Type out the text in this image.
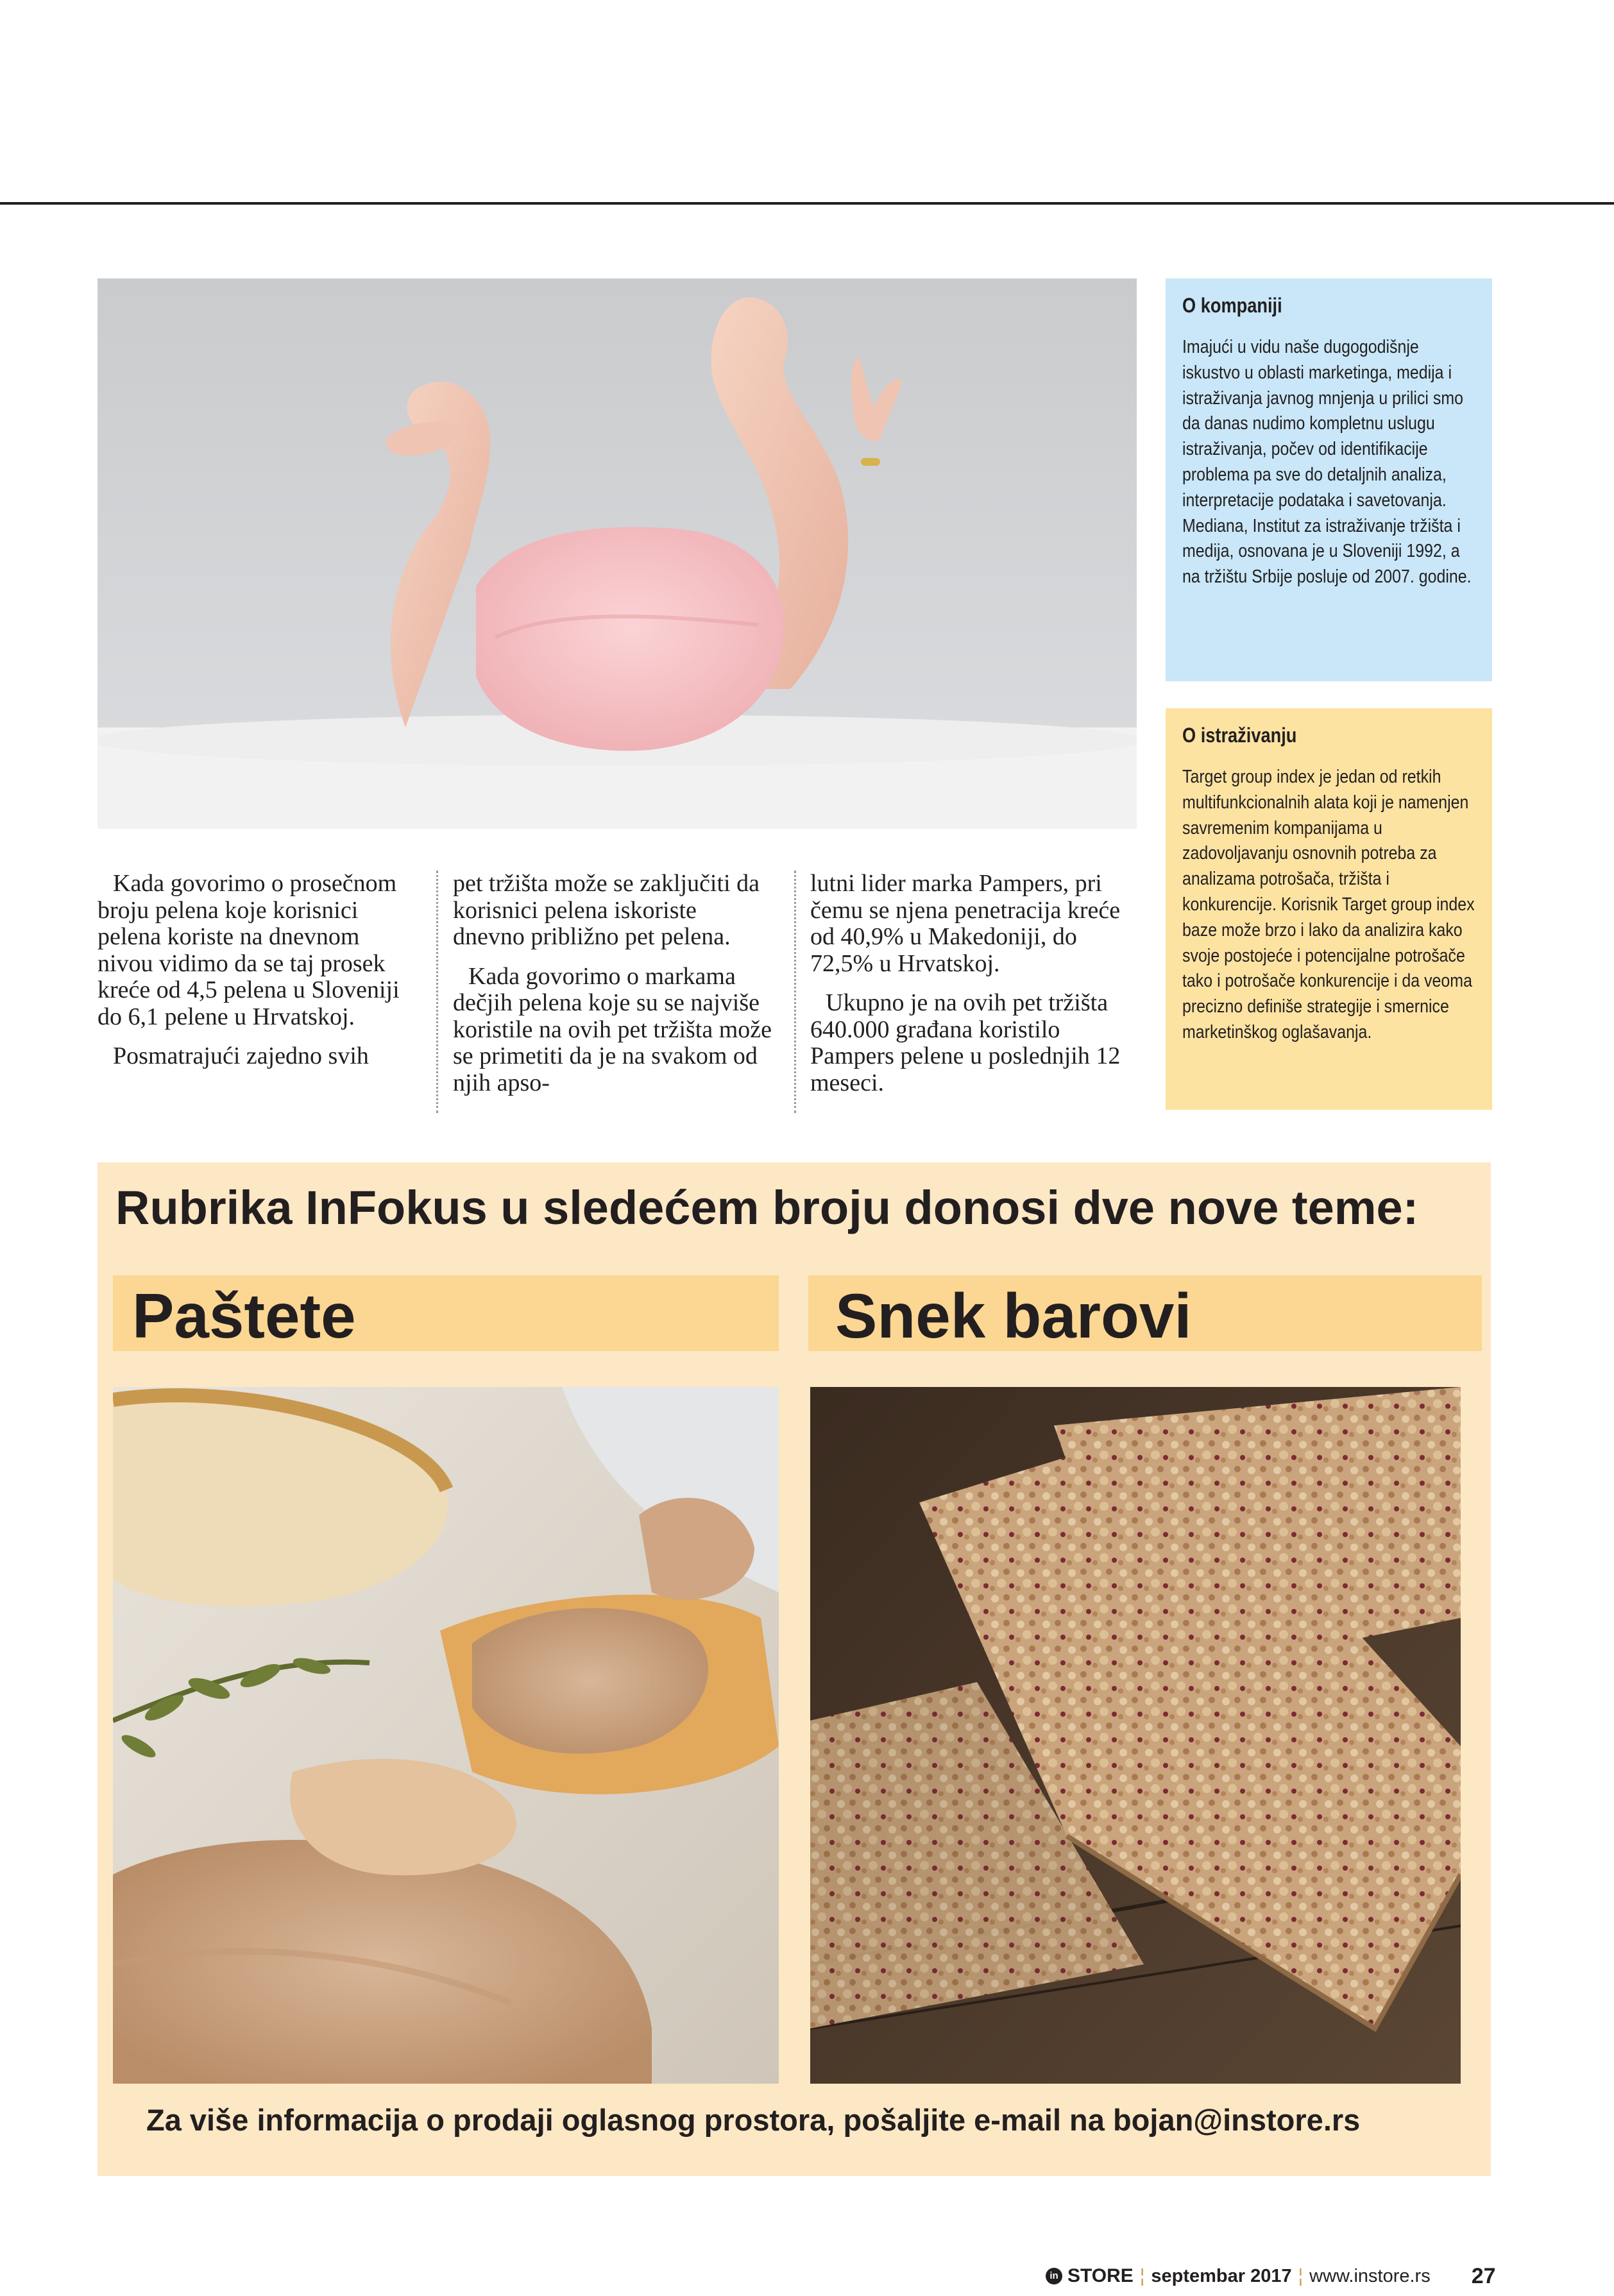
O kompaniji

Imajući u vidu naše dugogodišnje iskustvo u oblasti marketinga, medija i istraživanja javnog mnjenja u prilici smo da danas nudimo kompletnu uslugu istraživanja, počev od identifikacije problema pa sve do detaljnih analiza, interpretacije podataka i savetovanja. Mediana, Institut za istraživanje tržišta i medija, osnovana je u Sloveniji 1992, a na tržištu Srbije posluje od 2007. godine.

O istraživanju

Target group index je jedan od retkih multifunkcionalnih alata koji je namenjen savremenim kompanijama u zadovoljavanju osnovnih potreba za analizama potrošača, tržišta i konkurencije. Korisnik Target group index baze može brzo i lako da analizira kako svoje postojeće i potencijalne potrošače tako i potrošače konkurencije i da veoma precizno definiše strategije i smernice marketinškog oglašavanja.

Kada govorimo o prosečnom broju pelena koje korisnici pelena koriste na dnevnom nivou vidimo da se taj prosek kreće od 4,5 pelena u Sloveniji do 6,1 pelene u Hrvatskoj.

Posmatrajući zajedno svih

pet tržišta može se zaključiti da korisnici pelena iskoriste dnevno približno pet pelena.

Kada govorimo o markama dečjih pelena koje su se najviše koristile na ovih pet tržišta može se primetiti da je na svakom od njih apso-

lutni lider marka Pampers, pri čemu se njena penetracija kreće od 40,9% u Makedoniji, do 72,5% u Hrvatskoj.

Ukupno je na ovih pet tržišta 640.000 građana koristilo Pampers pelene u poslednjih 12 meseci.

Rubrika InFokus u sledećem broju donosi dve nove teme:
Paštete	Snek barovi
Za više informacija o prodaji oglasnog prostora, pošaljite e-mail na bojan@instore.rs
in STORE ¦ septembar 2017 ¦ www.instore.rs 27
